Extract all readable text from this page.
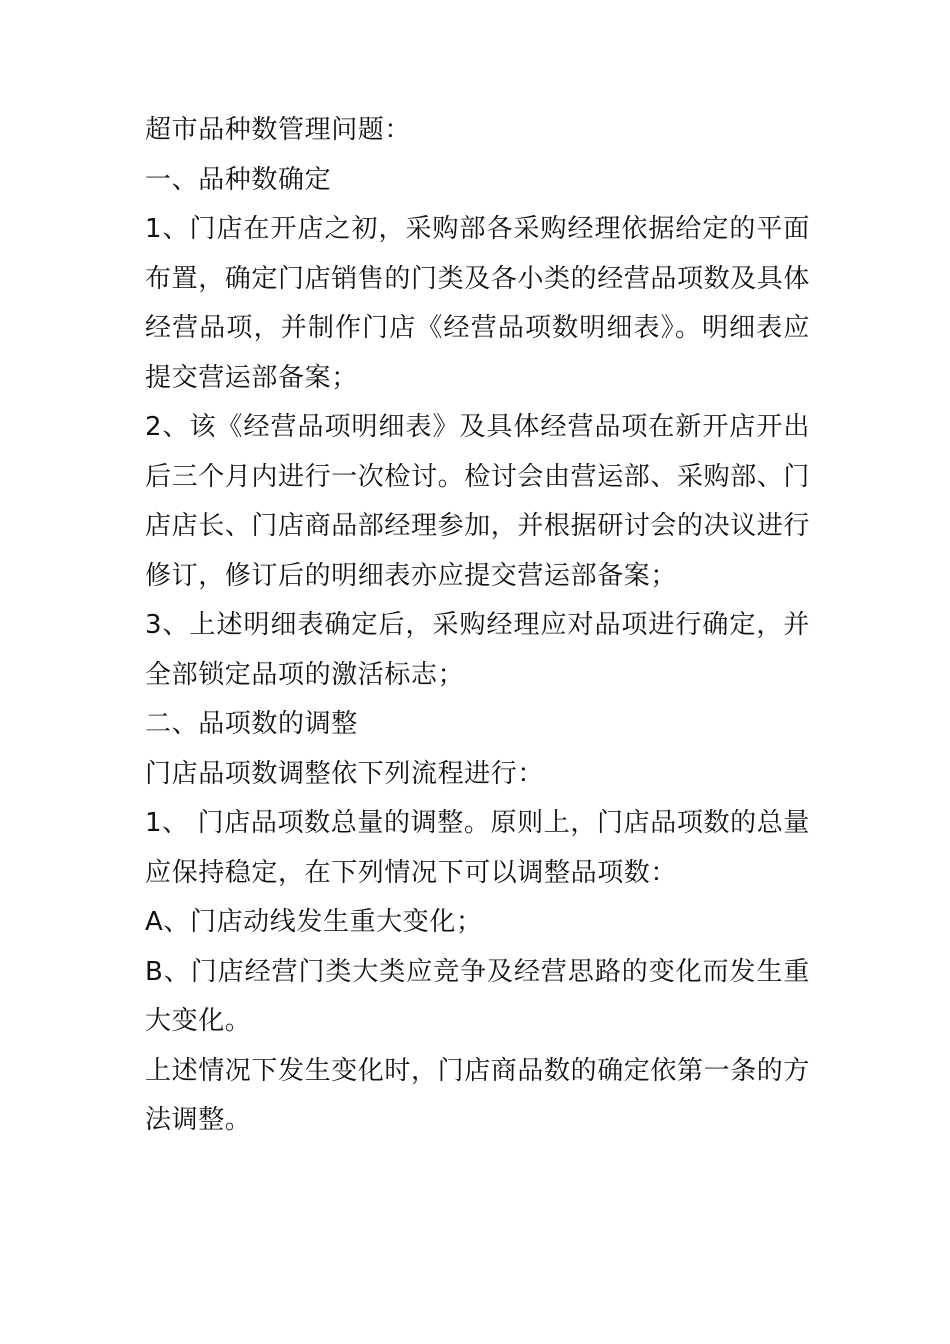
超市品种数管理问题：

一、品种数确定

1、门店在开店之初，采购部各采购经理依据给定的平面布置，确定门店销售的门类及各小类的经营品项数及具体经营品项，并制作门店《经营品项数明细表》。明细表应提交营运部备案；

2、该《经营品项明细表》及具体经营品项在新开店开出后三个月内进行一次检讨。检讨会由营运部、采购部、门店店长、门店商品部经理参加，并根据研讨会的决议进行修订，修订后的明细表亦应提交营运部备案；

3、上述明细表确定后，采购经理应对品项进行确定，并全部锁定品项的激活标志；

二、品项数的调整

门店品项数调整依下列流程进行：

1、 门店品项数总量的调整。原则上，门店品项数的总量应保持稳定，在下列情况下可以调整品项数：

A、门店动线发生重大变化；

B、门店经营门类大类应竞争及经营思路的变化而发生重大变化。

上述情况下发生变化时，门店商品数的确定依第一条的方法调整。
